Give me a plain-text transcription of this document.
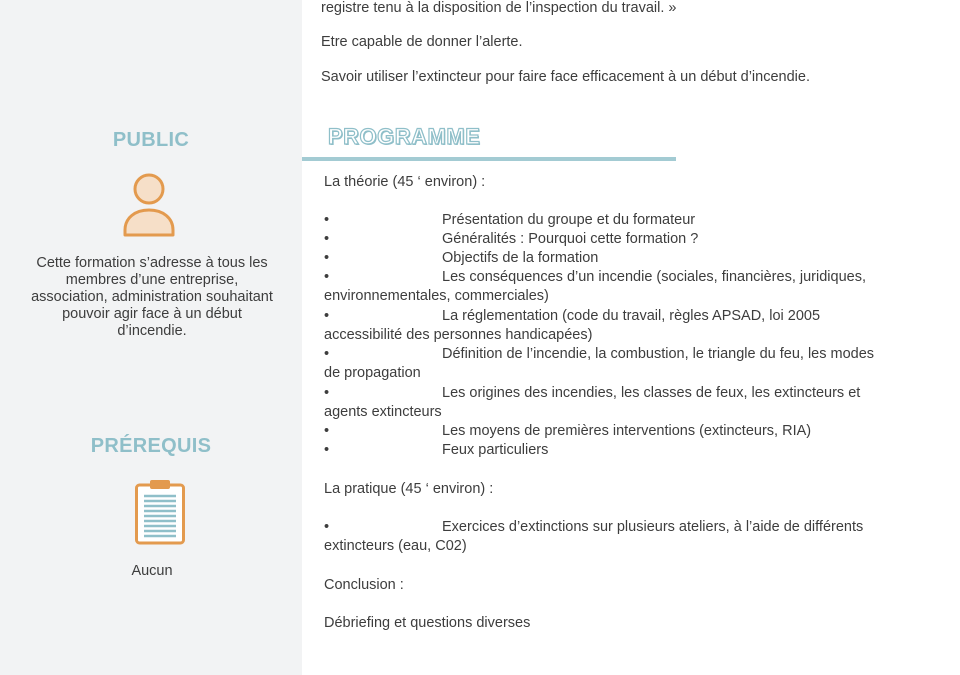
PUBLIC
Cette formation s’adresse à tous les membres d’une entreprise, association, administration souhaitant pouvoir agir face à un début d’incendie.
PRÉREQUIS
Aucun
registre tenu à la disposition de l’inspection du travail. »
Etre capable de donner l’alerte.
Savoir utiliser l’extincteur pour faire face efficacement à un début d’incendie.
PROGRAMME
La théorie (45 ‘ environ) :
•	Présentation du groupe et du formateur
•	Généralités : Pourquoi cette formation ?
•	Objectifs de la formation
•	Les conséquences d’un incendie (sociales, financières, juridiques,
environnementales, commerciales)
•	La réglementation (code du travail, règles APSAD, loi 2005
accessibilité des personnes handicapées)
•	Définition de l’incendie, la combustion, le triangle du feu, les modes
de propagation
•	Les origines des incendies, les classes de feux, les extincteurs et
agents extincteurs
•	Les moyens de premières interventions (extincteurs, RIA)
•	Feux particuliers
La pratique (45 ‘ environ) :
•	Exercices d’extinctions sur plusieurs ateliers, à l’aide de différents
extincteurs (eau, C02)
Conclusion :
Débriefing et questions diverses
